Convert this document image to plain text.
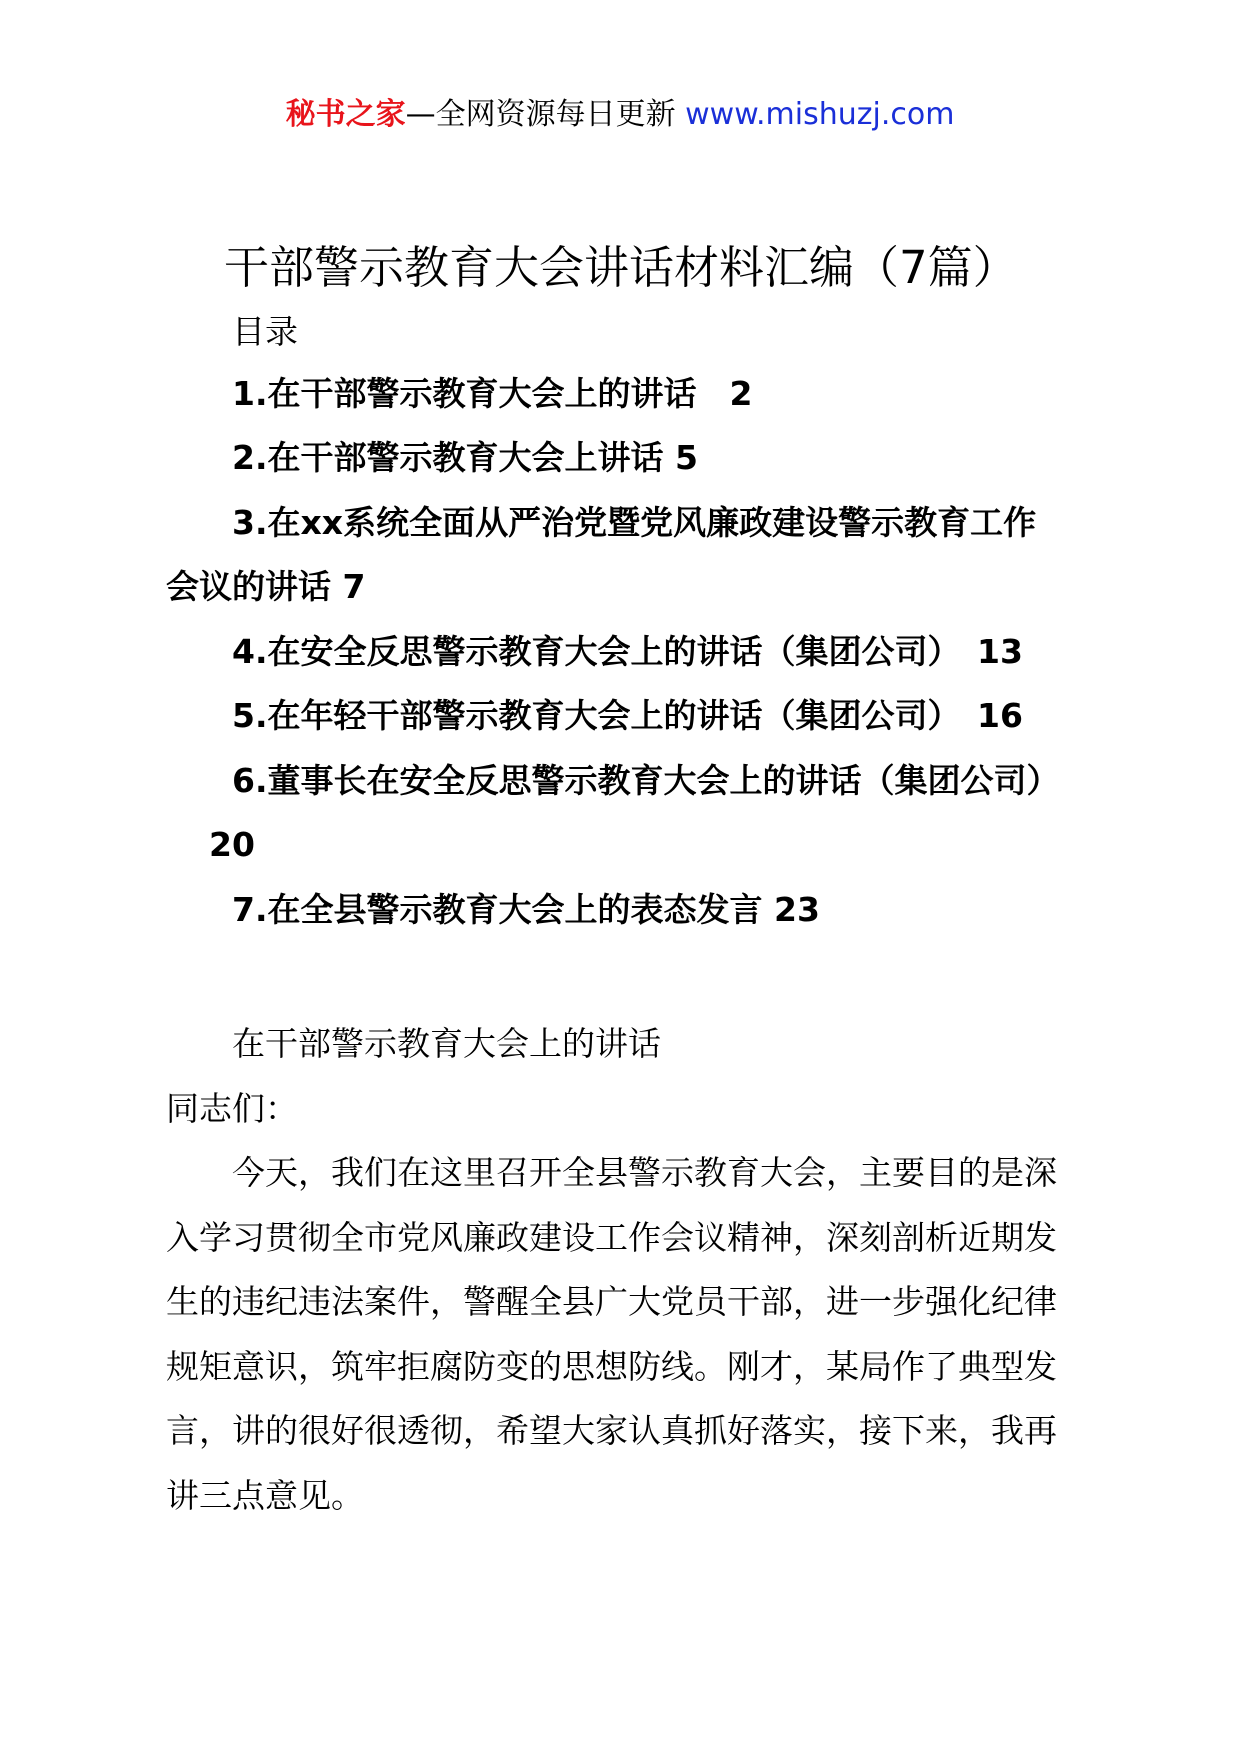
秘书之家—全网资源每日更新 www.mishuzj.com
干部警示教育大会讲话材料汇编（7篇）
目录
1.在干部警示教育大会上的讲话　2
2.在干部警示教育大会上讲话 5
3.在xx系统全面从严治党暨党风廉政建设警示教育工作
会议的讲话 7
4.在安全反思警示教育大会上的讲话（集团公司）　13
5.在年轻干部警示教育大会上的讲话（集团公司）　16
6.董事长在安全反思警示教育大会上的讲话（集团公司）
20
7.在全县警示教育大会上的表态发言 23
在干部警示教育大会上的讲话
同志们：
今天，我们在这里召开全县警示教育大会，主要目的是深
入学习贯彻全市党风廉政建设工作会议精神，深刻剖析近期发
生的违纪违法案件，警醒全县广大党员干部，进一步强化纪律
规矩意识，筑牢拒腐防变的思想防线。刚才，某局作了典型发
言，讲的很好很透彻，希望大家认真抓好落实，接下来，我再
讲三点意见。
